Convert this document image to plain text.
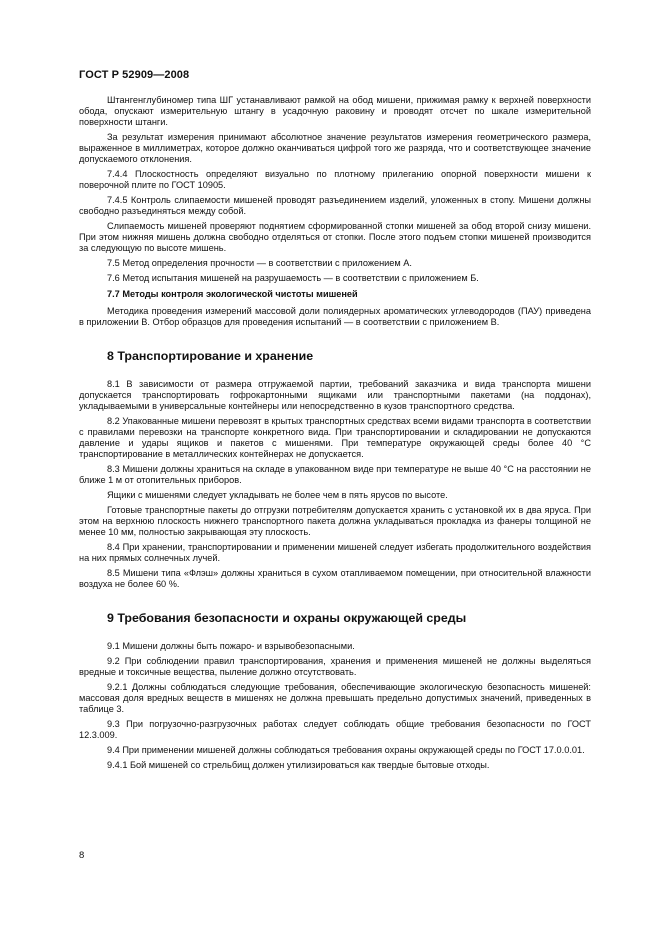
ГОСТ Р 52909—2008

Штангенглубиномер типа ШГ устанавливают рамкой на обод мишени, прижимая рамку к верхней поверхности обода, опускают измерительную штангу в усадочную раковину и проводят отсчет по шкале измерительной поверхности штанги.

За результат измерения принимают абсолютное значение результатов измерения геометрического размера, выраженное в миллиметрах, которое должно оканчиваться цифрой того же разряда, что и соответствующее значение допускаемого отклонения.

7.4.4 Плоскостность определяют визуально по плотному прилеганию опорной поверхности мишени к поверочной плите по ГОСТ 10905.

7.4.5 Контроль слипаемости мишеней проводят разъединением изделий, уложенных в стопу. Мишени должны свободно разъединяться между собой.

Слипаемость мишеней проверяют поднятием сформированной стопки мишеней за обод второй снизу мишени. При этом нижняя мишень должна свободно отделяться от стопки. После этого подъем стопки мишеней производится за следующую по высоте мишень.

7.5 Метод определения прочности — в соответствии с приложением А.

7.6 Метод испытания мишеней на разрушаемость — в соответствии с приложением Б.

7.7 Методы контроля экологической чистоты мишеней

Методика проведения измерений массовой доли полиядерных ароматических углеводородов (ПАУ) приведена в приложении В. Отбор образцов для проведения испытаний — в соответствии с приложением В.

8 Транспортирование и хранение

8.1 В зависимости от размера отгружаемой партии, требований заказчика и вида транспорта мишени допускается транспортировать гофрокартонными ящиками или транспортными пакетами (на поддонах), укладываемыми в универсальные контейнеры или непосредственно в кузов транспортного средства.

8.2 Упакованные мишени перевозят в крытых транспортных средствах всеми видами транспорта в соответствии с правилами перевозки на транспорте конкретного вида. При транспортировании и складировании не допускаются давление и удары ящиков и пакетов с мишенями. При температуре окружающей среды более 40 °С транспортирование в металлических контейнерах не допускается.

8.3 Мишени должны храниться на складе в упакованном виде при температуре не выше 40 °С на расстоянии не ближе 1 м от отопительных приборов.

Ящики с мишенями следует укладывать не более чем в пять ярусов по высоте.

Готовые транспортные пакеты до отгрузки потребителям допускается хранить с установкой их в два яруса. При этом на верхнюю плоскость нижнего транспортного пакета должна укладываться прокладка из фанеры толщиной не менее 10 мм, полностью закрывающая эту плоскость.

8.4 При хранении, транспортировании и применении мишеней следует избегать продолжительного воздействия на них прямых солнечных лучей.

8.5 Мишени типа «Флэш» должны храниться в сухом отапливаемом помещении, при относительной влажности воздуха не более 60 %.

9 Требования безопасности и охраны окружающей среды

9.1 Мишени должны быть пожаро- и взрывобезопасными.

9.2 При соблюдении правил транспортирования, хранения и применения мишеней не должны выделяться вредные и токсичные вещества, пыление должно отсутствовать.

9.2.1 Должны соблюдаться следующие требования, обеспечивающие экологическую безопасность мишеней: массовая доля вредных веществ в мишенях не должна превышать предельно допустимых значений, приведенных в таблице 3.

9.3 При погрузочно-разгрузочных работах следует соблюдать общие требования безопасности по ГОСТ 12.3.009.

9.4 При применении мишеней должны соблюдаться требования охраны окружающей среды по ГОСТ 17.0.0.01.

9.4.1 Бой мишеней со стрельбищ должен утилизироваться как твердые бытовые отходы.

8
